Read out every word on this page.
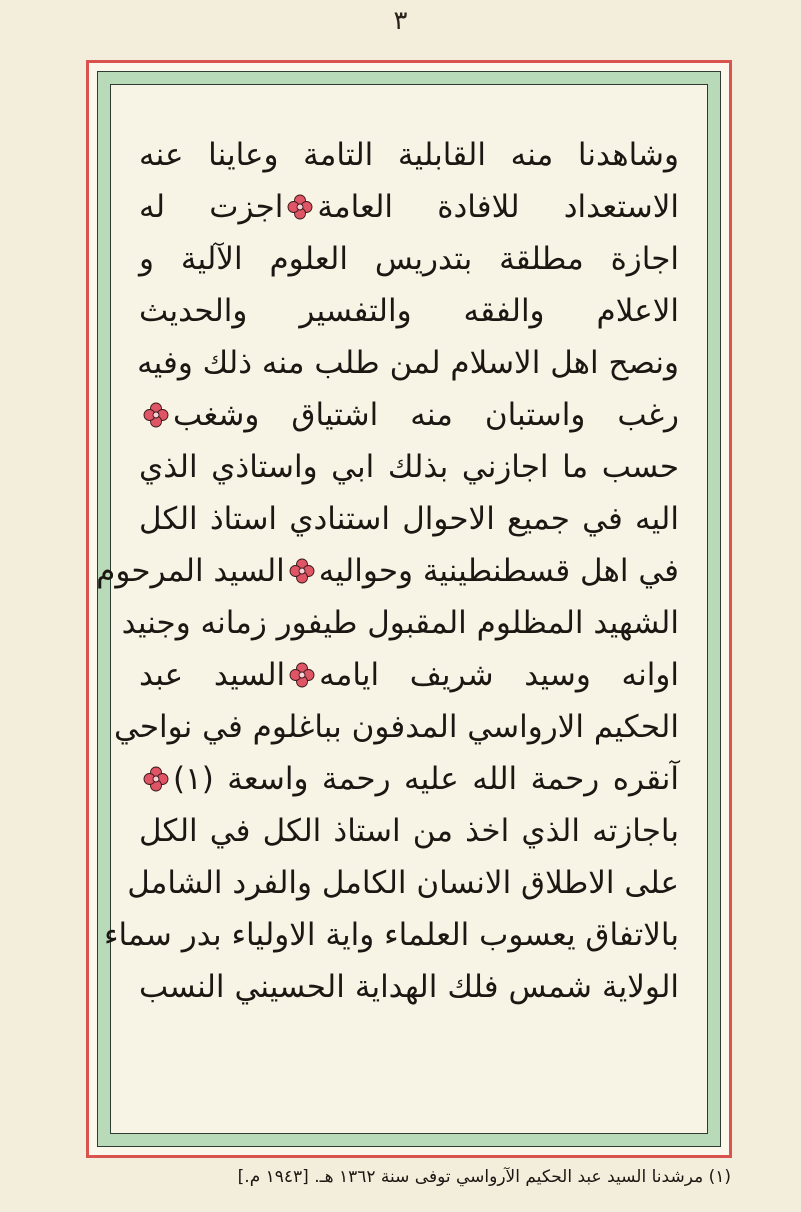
٣
وشاهدنا منه القابلية التامة وعاينا عنه
الاستعداد للافادة العامة
اجزت له
اجازة مطلقة بتدريس العلوم الآلية و
الاعلام والفقه والتفسير والحديث
ونصح اهل الاسلام لمن طلب منه ذلك وفيه
رغب واستبان منه اشتياق وشغب
حسب ما اجازني بذلك ابي واستاذي الذي
اليه في جميع الاحوال استنادي استاذ الكل
في اهل قسطنطينية وحواليه
السيد المرحوم
الشهيد المظلوم المقبول طيفور زمانه وجنيد
اوانه وسيد شريف ايامه
السيد عبد
الحكيم الارواسي المدفون بباغلوم في نواحي
آنقره رحمة الله عليه رحمة واسعة (١)
باجازته الذي اخذ من استاذ الكل في الكل
على الاطلاق الانسان الكامل والفرد الشامل
بالاتفاق يعسوب العلماء واية الاولياء بدر سماء
الولاية شمس فلك الهداية الحسيني النسب
(١) مرشدنا السيد عبد الحكيم الآرواسي توفى سنة ١٣٦٢ هـ. [١٩٤٣ م.]
